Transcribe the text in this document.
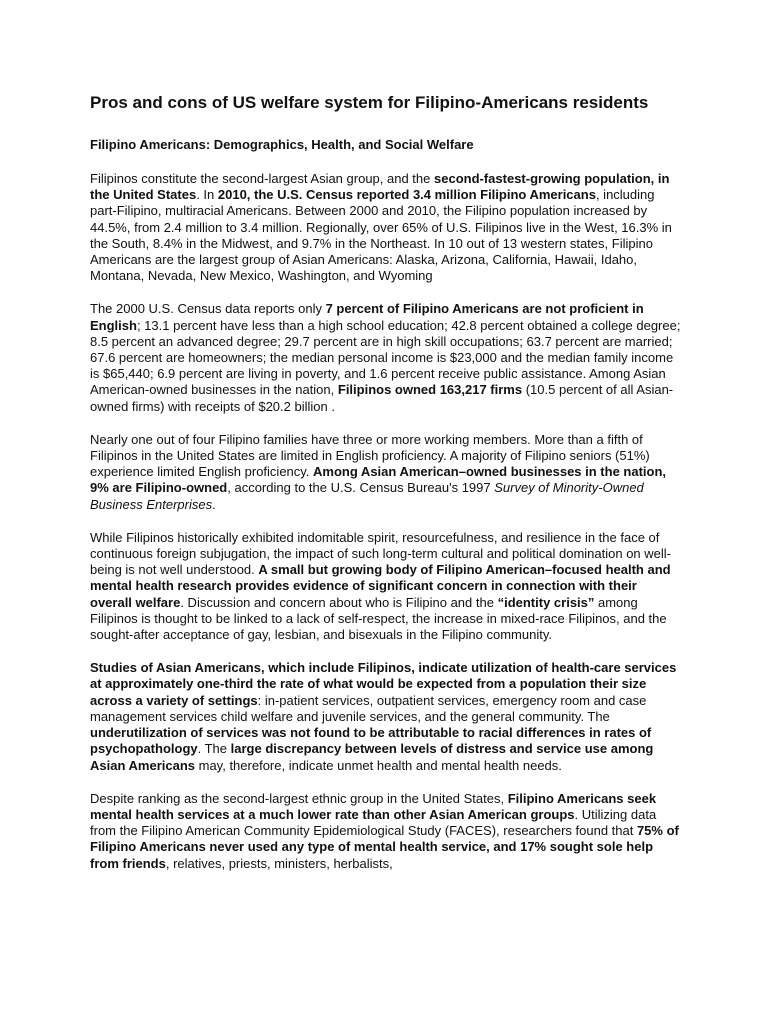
Pros and cons of US welfare system for Filipino-Americans residents
Filipino Americans: Demographics, Health, and Social Welfare

Filipinos constitute the second-largest Asian group, and the second-fastest-growing population, in the United States. In 2010, the U.S. Census reported 3.4 million Filipino Americans, including part-Filipino, multiracial Americans. Between 2000 and 2010, the Filipino population increased by 44.5%, from 2.4 million to 3.4 million. Regionally, over 65% of U.S. Filipinos live in the West, 16.3% in the South, 8.4% in the Midwest, and 9.7% in the Northeast. In 10 out of 13 western states, Filipino Americans are the largest group of Asian Americans: Alaska, Arizona, California, Hawaii, Idaho, Montana, Nevada, New Mexico, Washington, and Wyoming

The 2000 U.S. Census data reports only 7 percent of Filipino Americans are not proficient in English; 13.1 percent have less than a high school education; 42.8 percent obtained a college degree; 8.5 percent an advanced degree; 29.7 percent are in high skill occupations; 63.7 percent are married; 67.6 percent are homeowners; the median personal income is $23,000 and the median family income is $65,440; 6.9 percent are living in poverty, and 1.6 percent receive public assistance. Among Asian American-owned businesses in the nation, Filipinos owned 163,217 firms (10.5 percent of all Asian-owned firms) with receipts of $20.2 billion .

Nearly one out of four Filipino families have three or more working members. More than a fifth of Filipinos in the United States are limited in English proficiency. A majority of Filipino seniors (51%) experience limited English proficiency. Among Asian American–owned businesses in the nation, 9% are Filipino-owned, according to the U.S. Census Bureau's 1997 Survey of Minority-Owned Business Enterprises.

While Filipinos historically exhibited indomitable spirit, resourcefulness, and resilience in the face of continuous foreign subjugation, the impact of such long-term cultural and political domination on well-being is not well understood. A small but growing body of Filipino American–focused health and mental health research provides evidence of significant concern in connection with their overall welfare. Discussion and concern about who is Filipino and the “identity crisis” among Filipinos is thought to be linked to a lack of self-respect, the increase in mixed-race Filipinos, and the sought-after acceptance of gay, lesbian, and bisexuals in the Filipino community.

Studies of Asian Americans, which include Filipinos, indicate utilization of health-care services at approximately one-third the rate of what would be expected from a population their size across a variety of settings: in-patient services, outpatient services, emergency room and case management services child welfare and juvenile services, and the general community. The underutilization of services was not found to be attributable to racial differences in rates of psychopathology. The large discrepancy between levels of distress and service use among Asian Americans may, therefore, indicate unmet health and mental health needs.

Despite ranking as the second-largest ethnic group in the United States, Filipino Americans seek mental health services at a much lower rate than other Asian American groups. Utilizing data from the Filipino American Community Epidemiological Study (FACES), researchers found that 75% of Filipino Americans never used any type of mental health service, and 17% sought sole help from friends, relatives, priests, ministers, herbalists,
